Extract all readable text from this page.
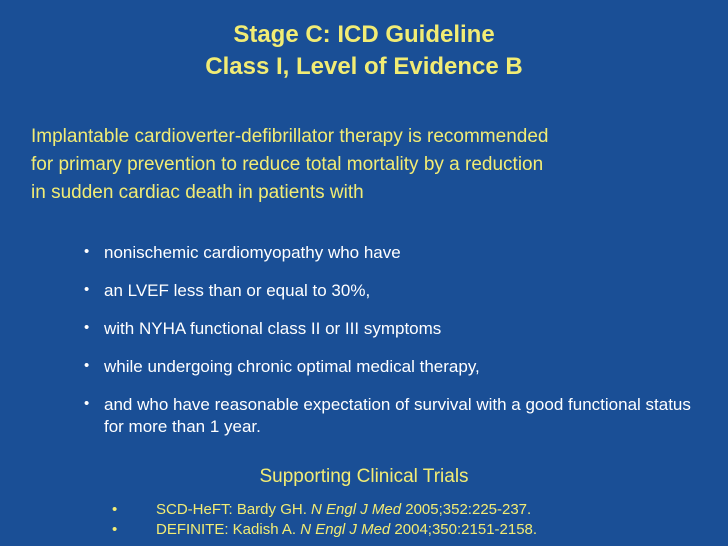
Stage C: ICD Guideline
Class I, Level of Evidence B
Implantable cardioverter-defibrillator therapy is recommended
for primary prevention to reduce total mortality by a reduction
in sudden cardiac death in patients with
• nonischemic cardiomyopathy who have
• an LVEF less than or equal to 30%,
• with NYHA functional class II or III symptoms
• while undergoing chronic optimal medical therapy,
• and who have reasonable expectation of survival with a good functional status for more than 1 year.
Supporting Clinical Trials
•	SCD-HeFT: Bardy GH. N Engl J Med 2005;352:225-237.
•	DEFINITE: Kadish A. N Engl J Med 2004;350:2151-2158.
